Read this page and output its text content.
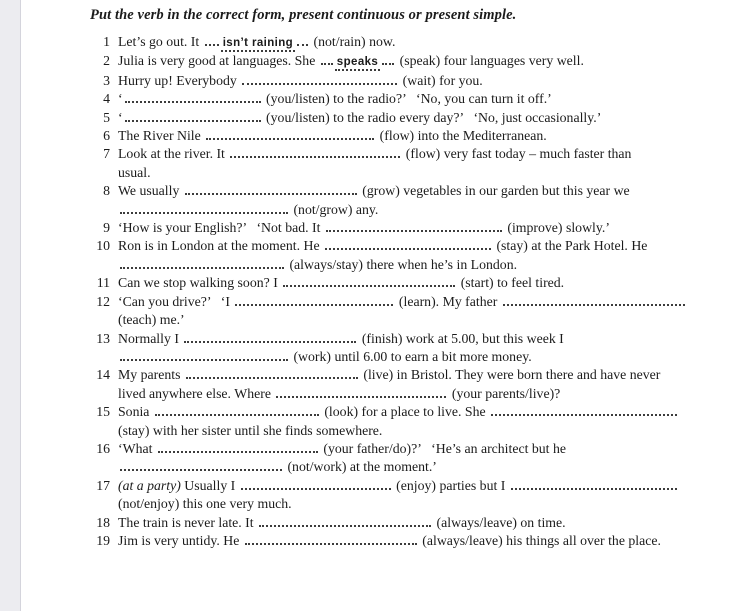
Put the verb in the correct form, present continuous or present simple.

1 Let’s go out. It isn’t raining (not/rain) now.
2 Julia is very good at languages. She speaks (speak) four languages very well.
3 Hurry up! Everybody	(wait) for you.
4 ‘	(you/listen) to the radio?’   ‘No, you can turn it off.’
5 ‘	(you/listen) to the radio every day?’   ‘No, just occasionally.’
6 The River Nile	(flow) into the Mediterranean.
7 Look at the river. It	(flow) very fast today – much faster than
usual.
8 We usually	(grow) vegetables in our garden but this year we
(not/grow) any.
9 ‘How is your English?’   ‘Not bad. It	(improve) slowly.’
10 Ron is in London at the moment. He	(stay) at the Park Hotel. He
(always/stay) there when he’s in London.
11 Can we stop walking soon? I	(start) to feel tired.
12 ‘Can you drive?’   ‘I	(learn). My father
(teach) me.’
13 Normally I	(finish) work at 5.00, but this week I
(work) until 6.00 to earn a bit more money.
14 My parents	(live) in Bristol. They were born there and have never
lived anywhere else. Where	(your parents/live)?
15 Sonia	(look) for a place to live. She
(stay) with her sister until she finds somewhere.
16 ‘What	(your father/do)?’   ‘He’s an architect but he
(not/work) at the moment.’
17 (at a party) Usually I	(enjoy) parties but I
(not/enjoy) this one very much.
18 The train is never late. It	(always/leave) on time.
19 Jim is very untidy. He	(always/leave) his things all over the place.
